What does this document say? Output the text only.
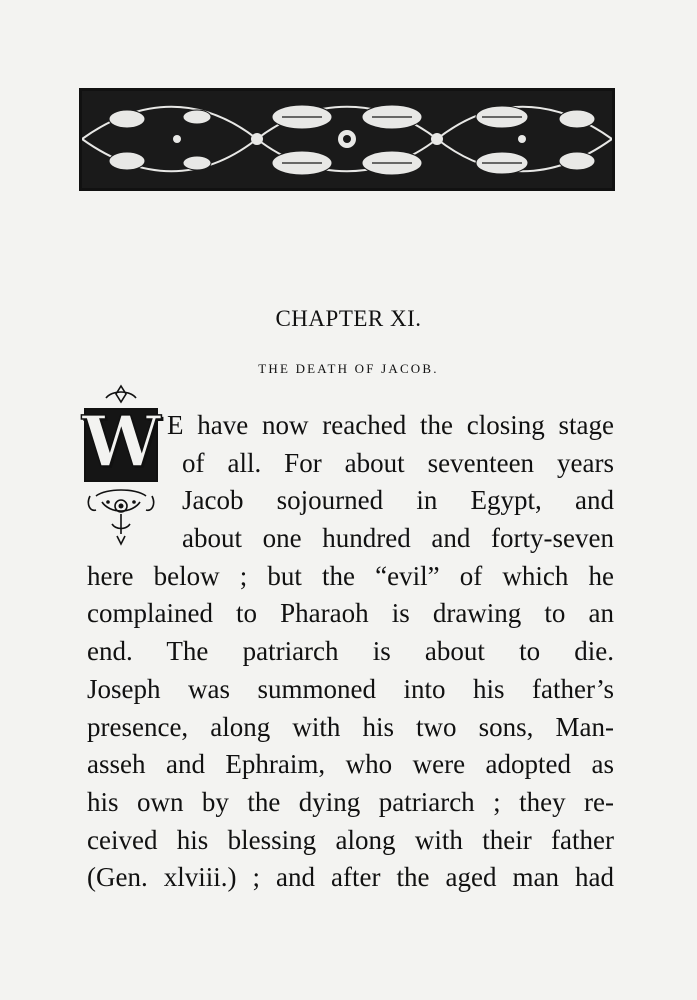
CHAPTER XI.
THE DEATH OF JACOB.
W E have now reached the closing stage
of all. For about seventeen years
Jacob sojourned in Egypt, and
about one hundred and forty-seven
here below ; but the “evil” of which he
complained to Pharaoh is drawing to an
end. The patriarch is about to die.
Joseph was summoned into his father’s
presence, along with his two sons, Man-
asseh and Ephraim, who were adopted as
his own by the dying patriarch ; they re-
ceived his blessing along with their father
(Gen. xlviii.) ; and after the aged man had
